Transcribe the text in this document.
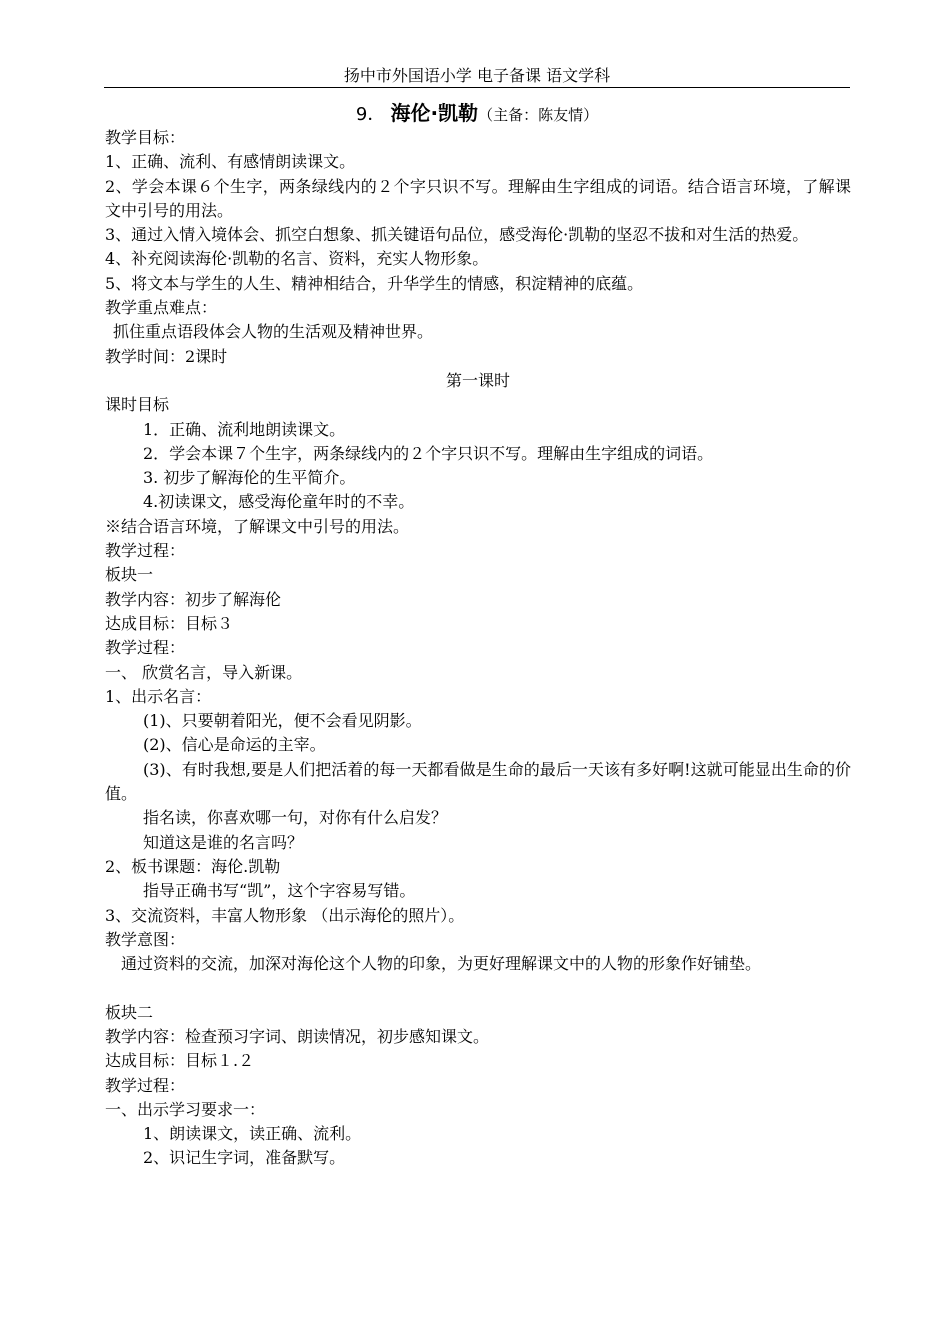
扬中市外国语小学 电子备课 语文学科
9． 海伦·凯勒（主备：陈友情）
教学目标：
1、正确、流利、有感情朗读课文。
2、学会本课６个生字，两条绿线内的２个字只识不写。理解由生字组成的词语。结合语言环境，了解课文中引号的用法。
3、通过入情入境体会、抓空白想象、抓关键语句品位，感受海伦·凯勒的坚忍不拔和对生活的热爱。
4、补充阅读海伦·凯勒的名言、资料，充实人物形象。
5、将文本与学生的人生、精神相结合，升华学生的情感，积淀精神的底蕴。
教学重点难点：
抓住重点语段体会人物的生活观及精神世界。
教学时间：2课时
第一课时
课时目标
1．正确、流利地朗读课文。
2．学会本课７个生字，两条绿线内的２个字只识不写。理解由生字组成的词语。
3. 初步了解海伦的生平简介。
4.初读课文，感受海伦童年时的不幸。
※结合语言环境，了解课文中引号的用法。
教学过程：
板块一
教学内容：初步了解海伦
达成目标：目标３
教学过程：
一、 欣赏名言，导入新课。
1、出示名言：
(1)、只要朝着阳光，便不会看见阴影。
(2)、信心是命运的主宰。
(3)、有时我想,要是人们把活着的每一天都看做是生命的最后一天该有多好啊!这就可能显出生命的价值。
指名读，你喜欢哪一句，对你有什么启发？
知道这是谁的名言吗？
2、板书课题：海伦.凯勒
指导正确书写“凯”，这个字容易写错。
3、交流资料，丰富人物形象 （出示海伦的照片）。
教学意图：
通过资料的交流，加深对海伦这个人物的印象，为更好理解课文中的人物的形象作好铺垫。
板块二
教学内容：检查预习字词、朗读情况，初步感知课文。
达成目标：目标１.２
教学过程：
一、出示学习要求一：
1、朗读课文，读正确、流利。
2、识记生字词，准备默写。
